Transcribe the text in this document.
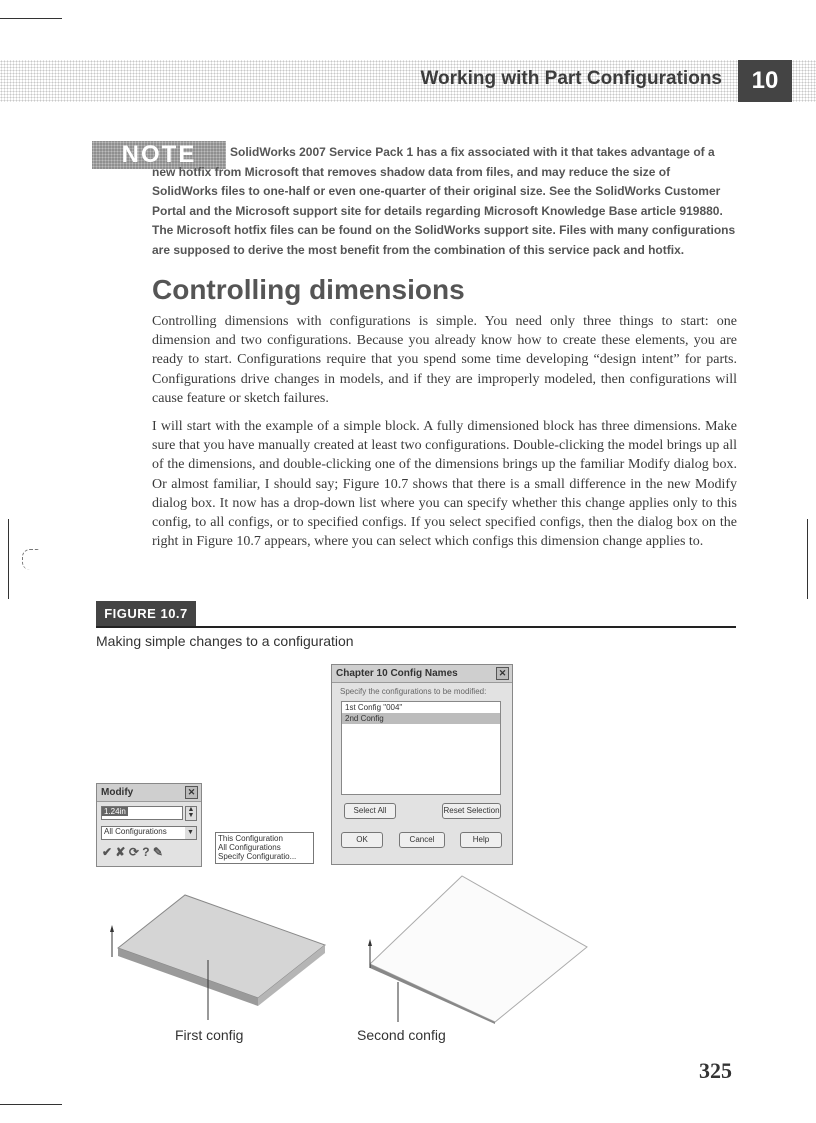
Working with Part Configurations	10
NOTE	SolidWorks 2007 Service Pack 1 has a fix associated with it that takes advantage of a new hotfix from Microsoft that removes shadow data from files, and may reduce the size of SolidWorks files to one-half or even one-quarter of their original size. See the SolidWorks Customer Portal and the Microsoft support site for details regarding Microsoft Knowledge Base article 919880. The Microsoft hotfix files can be found on the SolidWorks support site. Files with many configurations are supposed to derive the most benefit from the combination of this service pack and hotfix.
Controlling dimensions

Controlling dimensions with configurations is simple. You need only three things to start: one dimension and two configurations. Because you already know how to create these elements, you are ready to start. Configurations require that you spend some time developing “design intent” for parts. Configurations drive changes in models, and if they are improperly modeled, then configurations will cause feature or sketch failures.

I will start with the example of a simple block. A fully dimensioned block has three dimensions. Make sure that you have manually created at least two configurations. Double-clicking the model brings up all of the dimensions, and double-clicking one of the dimensions brings up the familiar Modify dialog box. Or almost familiar, I should say; Figure 10.7 shows that there is a small difference in the new Modify dialog box. It now has a drop-down list where you can specify whether this change applies only to this config, to all configs, or to specified configs. If you select specified configs, then the dialog box on the right in Figure 10.7 appears, where you can select which configs this dimension change applies to.

FIGURE 10.7
Making simple changes to a configuration
Chapter 10 Config Names	✕
Specify the configurations to be modified:
1st Config "004"
2nd Config
Select All	Reset Selection
OK	Cancel	Help
Modify	✕
1.24in	▲
▼
All Configurations	▼
✔ ✘ ⟳ ? ✎
This Configuration
All Configurations
Specify Configuratio...
First config	Second config
325
